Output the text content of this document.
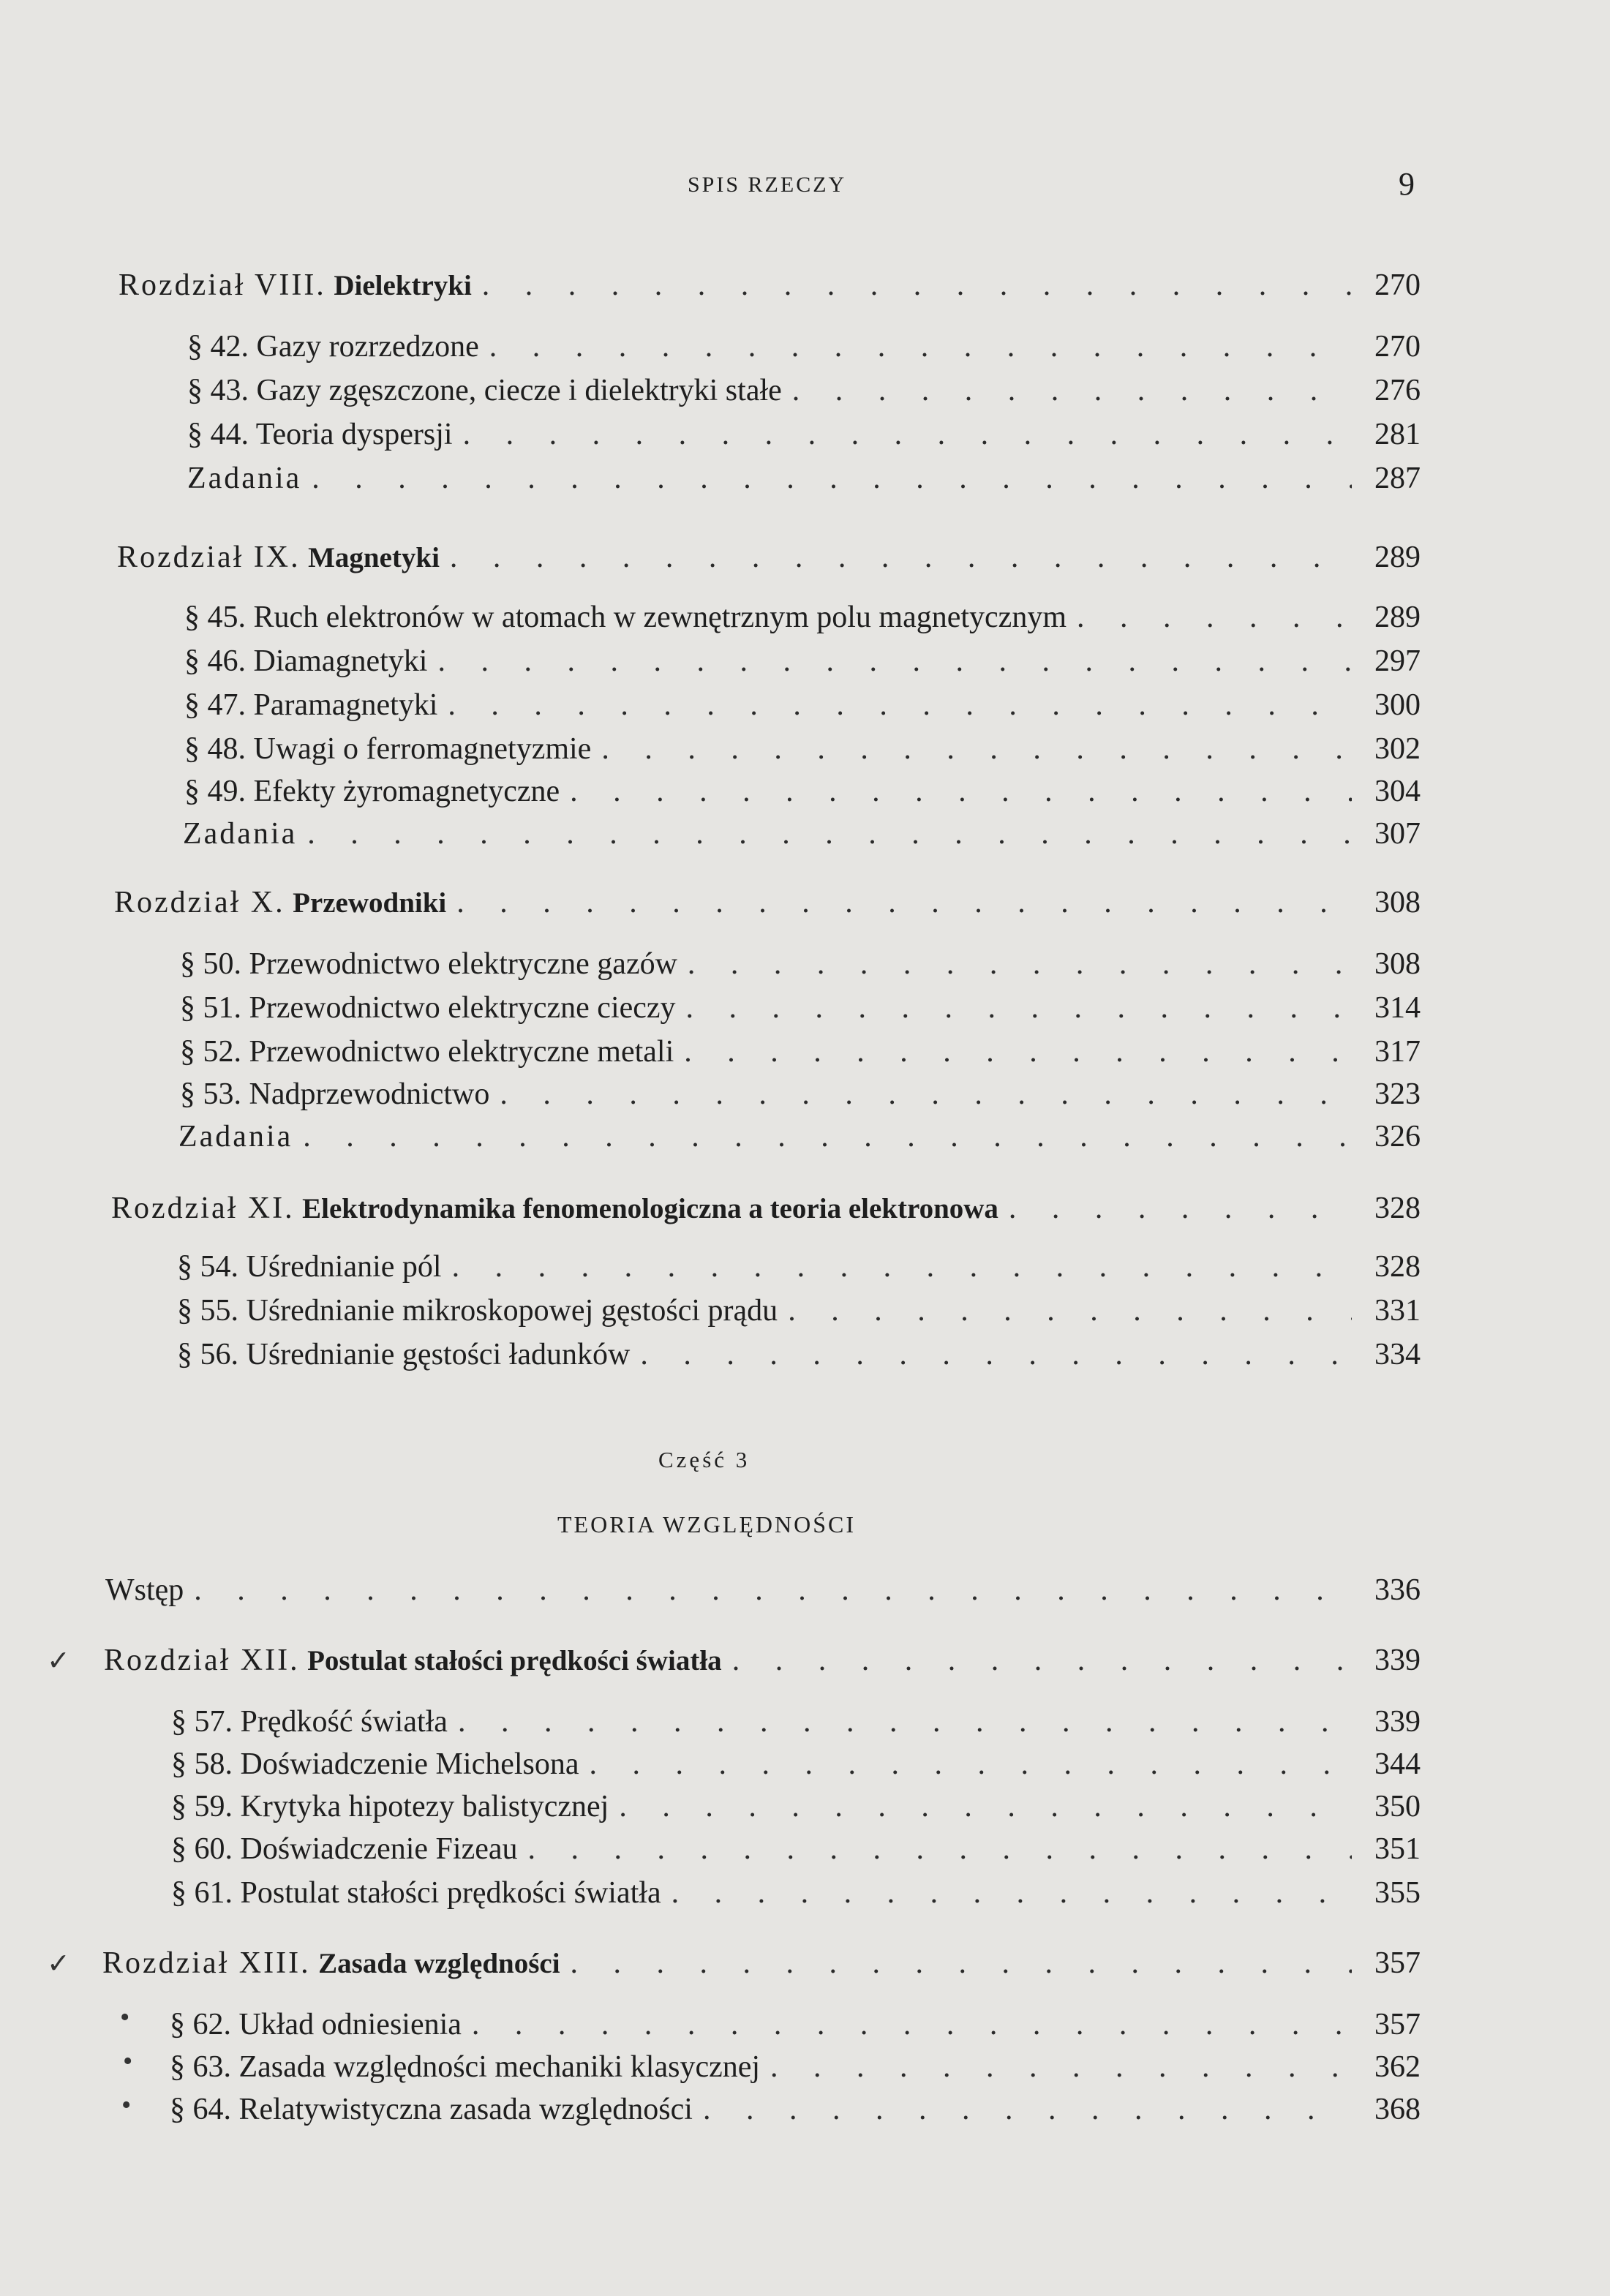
SPIS RZECZY	9
Rozdział VIII. Dielektryki . . .	270
§ 42. Gazy rozrzedzone . . .	270
§ 43. Gazy zgęszczone, ciecze i dielektryki stałe . . .	276
§ 44. Teoria dyspersji . . .	281
Zadania . . .	287
Rozdział IX. Magnetyki . . .	289
§ 45. Ruch elektronów w atomach w zewnętrznym polu magnetycznym . . .	289
§ 46. Diamagnetyki . . .	297
§ 47. Paramagnetyki . . .	300
§ 48. Uwagi o ferromagnetyzmie . . .	302
§ 49. Efekty żyromagnetyczne . . .	304
Zadania . . .	307
Rozdział X. Przewodniki . . .	308
§ 50. Przewodnictwo elektryczne gazów . . .	308
§ 51. Przewodnictwo elektryczne cieczy . . .	314
§ 52. Przewodnictwo elektryczne metali . . .	317
§ 53. Nadprzewodnictwo . . .	323
Zadania . . .	326
Rozdział XI. Elektrodynamika fenomenologiczna a teoria elektronowa . . .	328
§ 54. Uśrednianie pól . . .	328
§ 55. Uśrednianie mikroskopowej gęstości prądu . . .	331
§ 56. Uśrednianie gęstości ładunków . . .	334
Część 3
TEORIA WZGLĘDNOŚCI
Wstęp . . .	336
✓ Rozdział XII. Postulat stałości prędkości światła . . .	339
§ 57. Prędkość światła . . .	339
§ 58. Doświadczenie Michelsona . . .	344
§ 59. Krytyka hipotezy balistycznej . . .	350
§ 60. Doświadczenie Fizeau . . .	351
§ 61. Postulat stałości prędkości światła . . .	355
✓ Rozdział XIII. Zasada względności . . .	357
• § 62. Układ odniesienia . . .	357
• § 63. Zasada względności mechaniki klasycznej . . .	362
• § 64. Relatywistyczna zasada względności . . .	368
